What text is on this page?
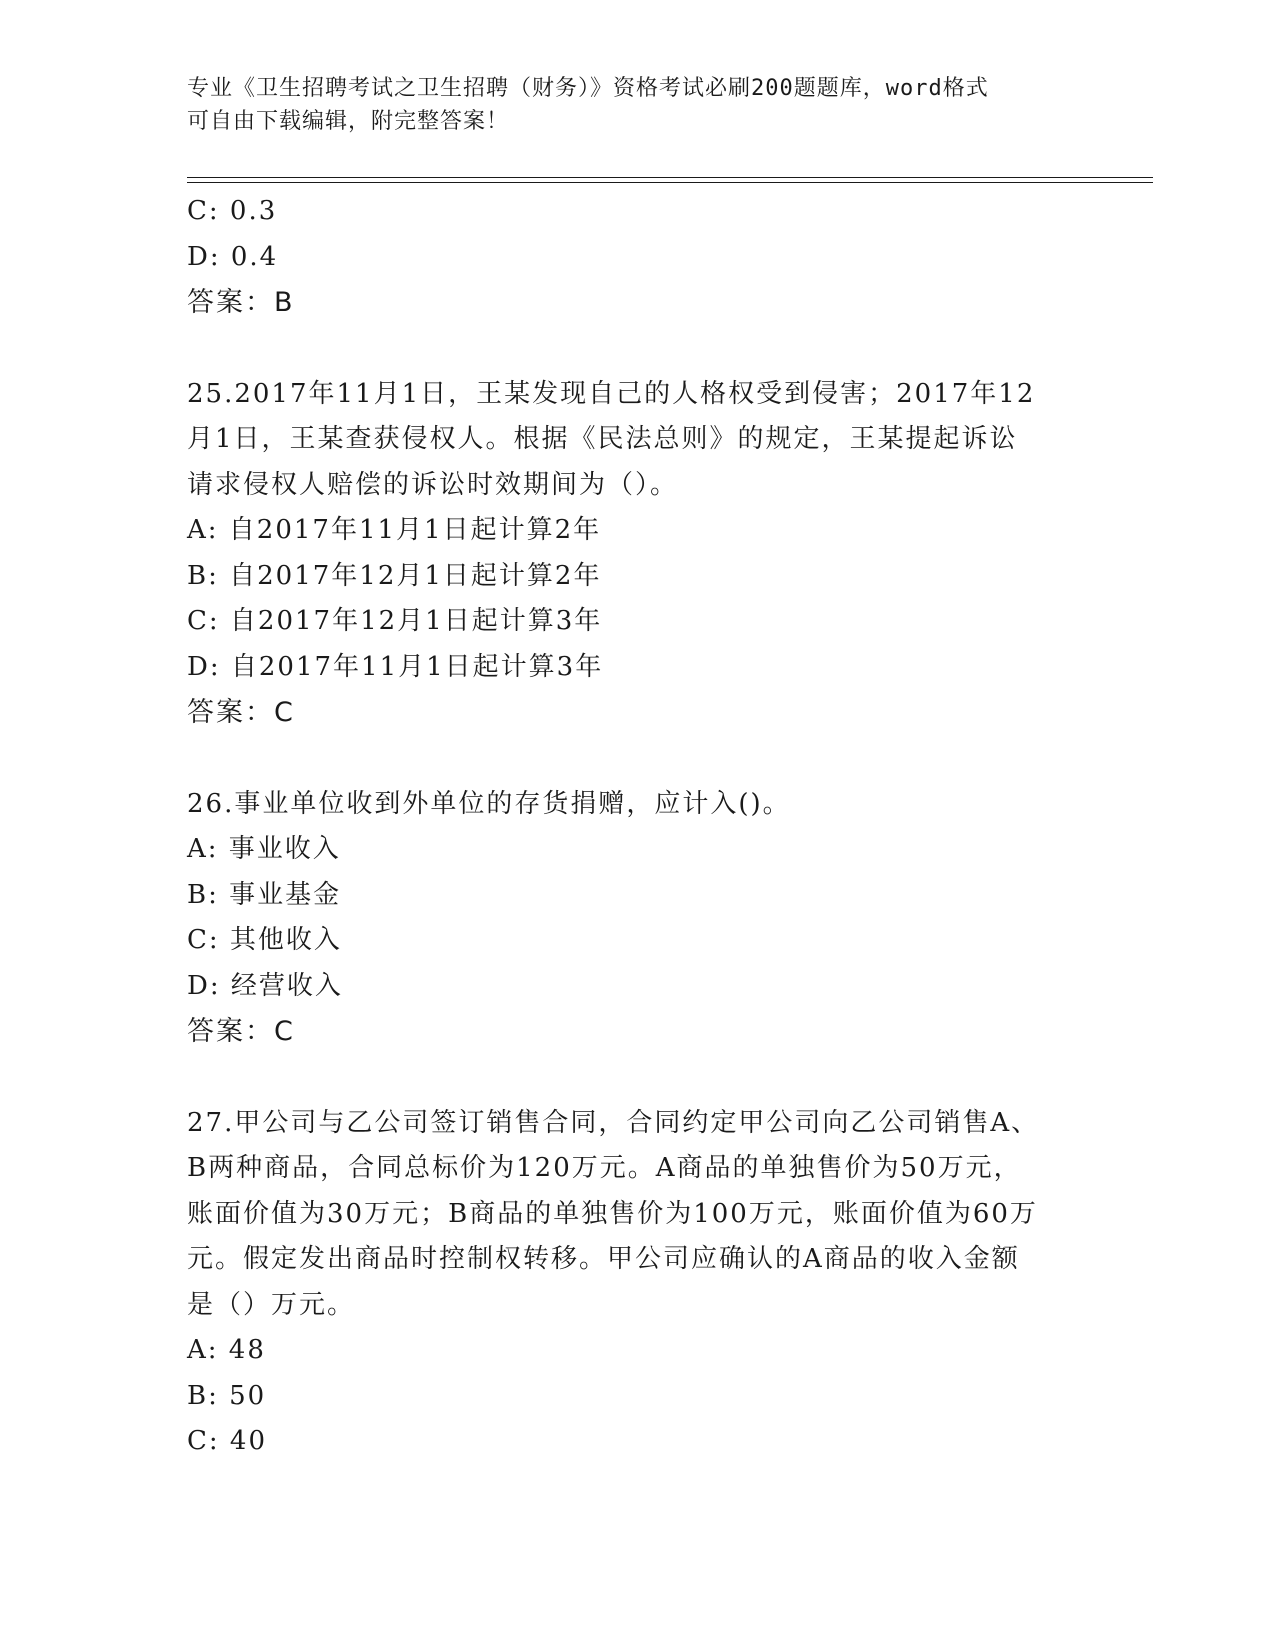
专业《卫生招聘考试之卫生招聘（财务）》资格考试必刷200题题库，word格式
可自由下载编辑，附完整答案！
C: 0.3
D: 0.4
答案：B
25.2017年11月1日，王某发现自己的人格权受到侵害；2017年12
月1日，王某查获侵权人。根据《民法总则》的规定，王某提起诉讼
请求侵权人赔偿的诉讼时效期间为（）。
A: 自2017年11月1日起计算2年
B: 自2017年12月1日起计算2年
C: 自2017年12月1日起计算3年
D: 自2017年11月1日起计算3年
答案：C
26.事业单位收到外单位的存货捐赠，应计入()。
A: 事业收入
B: 事业基金
C: 其他收入
D: 经营收入
答案：C
27.甲公司与乙公司签订销售合同，合同约定甲公司向乙公司销售A、
B两种商品，合同总标价为120万元。A商品的单独售价为50万元，
账面价值为30万元；B商品的单独售价为100万元，账面价值为60万
元。假定发出商品时控制权转移。甲公司应确认的A商品的收入金额
是（）万元。
A: 48
B: 50
C: 40
